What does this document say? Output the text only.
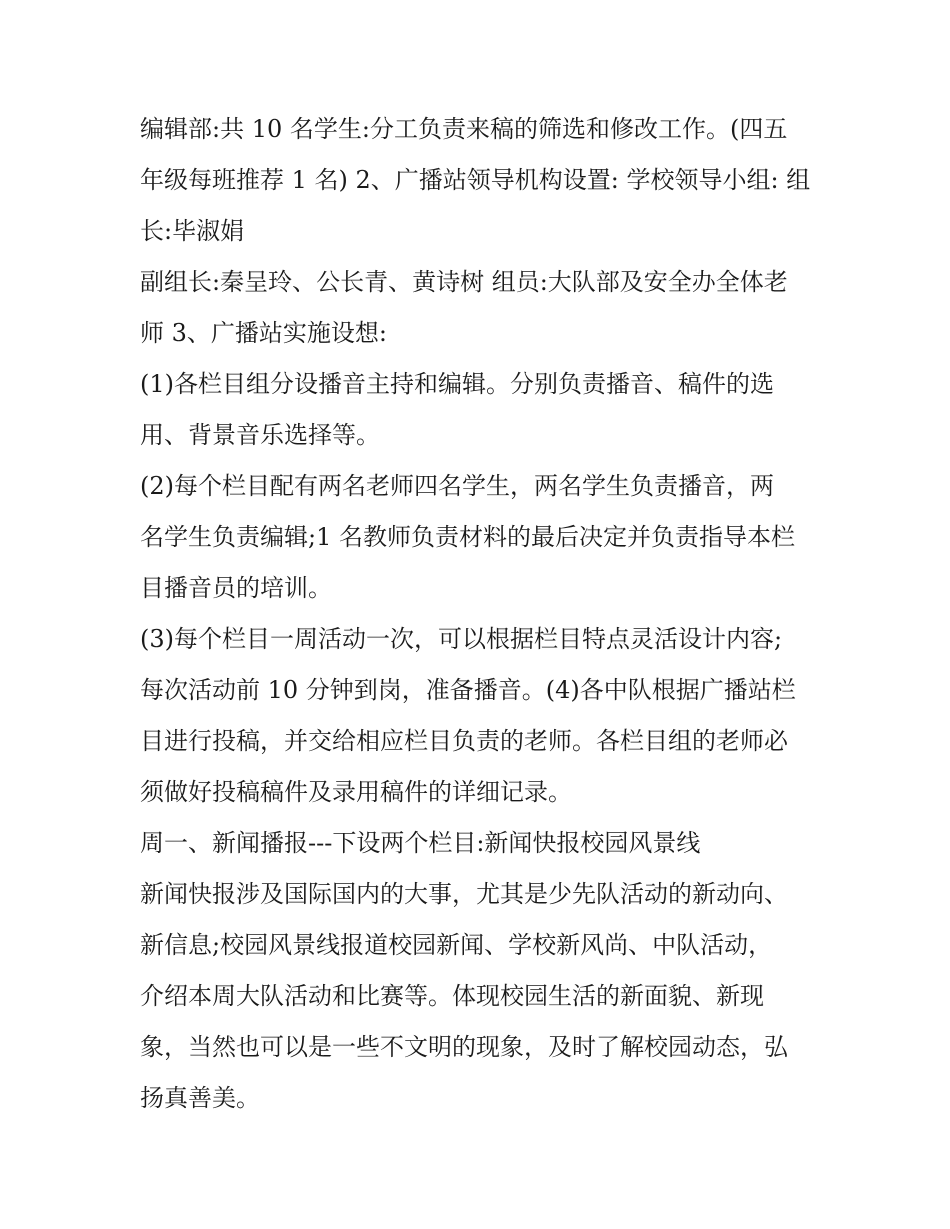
编辑部:共 10 名学生:分工负责来稿的筛选和修改工作。(四五
年级每班推荐 1 名) 2、广播站领导机构设置: 学校领导小组: 组
长:毕淑娟
副组长:秦呈玲、公长青、黄诗树 组员:大队部及安全办全体老
师 3、广播站实施设想:
(1)各栏目组分设播音主持和编辑。分别负责播音、稿件的选
用、背景音乐选择等。
(2)每个栏目配有两名老师四名学生，两名学生负责播音，两
名学生负责编辑;1 名教师负责材料的最后决定并负责指导本栏
目播音员的培训。
(3)每个栏目一周活动一次，可以根据栏目特点灵活设计内容;
每次活动前 10 分钟到岗，准备播音。(4)各中队根据广播站栏
目进行投稿，并交给相应栏目负责的老师。各栏目组的老师必
须做好投稿稿件及录用稿件的详细记录。
周一、新闻播报---下设两个栏目:新闻快报校园风景线
新闻快报涉及国际国内的大事，尤其是少先队活动的新动向、
新信息;校园风景线报道校园新闻、学校新风尚、中队活动，
介绍本周大队活动和比赛等。体现校园生活的新面貌、新现
象，当然也可以是一些不文明的现象，及时了解校园动态，弘
扬真善美。
